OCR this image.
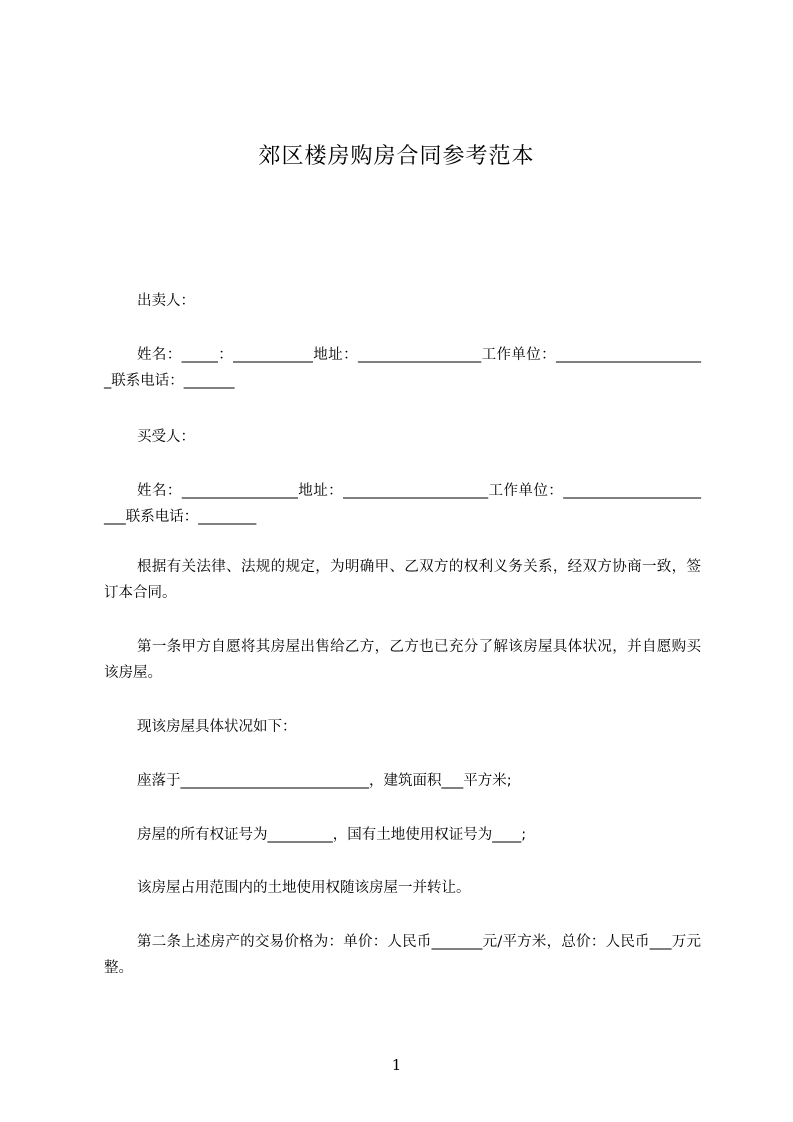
郊区楼房购房合同参考范本
出卖人：
姓名：_____：___________地址：_________________工作单位：_____________________联系电话：_______
买受人：
姓名：________________地址：____________________工作单位：______________________联系电话：________
根据有关法律、法规的规定，为明确甲、乙双方的权利义务关系，经双方协商一致，签订本合同。
第一条甲方自愿将其房屋出售给乙方，乙方也已充分了解该房屋具体状况，并自愿购买该房屋。
现该房屋具体状况如下：
座落于__________________________，建筑面积___平方米;
房屋的所有权证号为_________，国有土地使用权证号为____;
该房屋占用范围内的土地使用权随该房屋一并转让。
第二条上述房产的交易价格为：单价：人民币_______元/平方米，总价：人民币___万元整。
1
